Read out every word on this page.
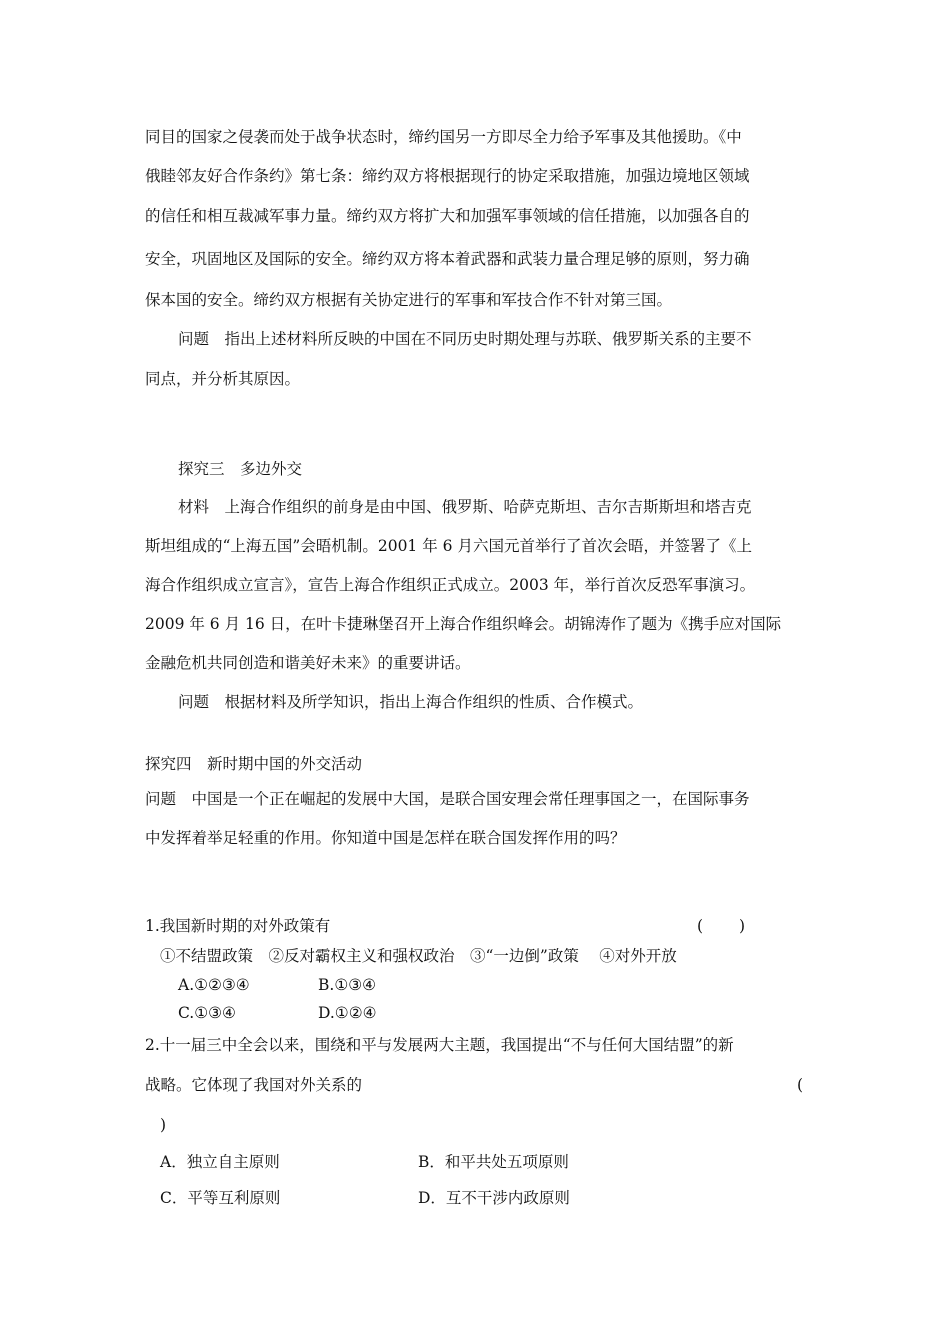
同目的国家之侵袭而处于战争状态时，缔约国另一方即尽全力给予军事及其他援助。《中
俄睦邻友好合作条约》第七条：缔约双方将根据现行的协定采取措施，加强边境地区领域
的信任和相互裁减军事力量。缔约双方将扩大和加强军事领域的信任措施，以加强各自的
安全，巩固地区及国际的安全。缔约双方将本着武器和武装力量合理足够的原则，努力确
保本国的安全。缔约双方根据有关协定进行的军事和军技合作不针对第三国。
问题　指出上述材料所反映的中国在不同历史时期处理与苏联、俄罗斯关系的主要不
同点，并分析其原因。
探究三　多边外交
材料　上海合作组织的前身是由中国、俄罗斯、哈萨克斯坦、吉尔吉斯斯坦和塔吉克
斯坦组成的“上海五国”会晤机制。2001 年 6 月六国元首举行了首次会晤，并签署了《上
海合作组织成立宣言》，宣告上海合作组织正式成立。2003 年，举行首次反恐军事演习。
2009 年 6 月 16 日，在叶卡捷琳堡召开上海合作组织峰会。胡锦涛作了题为《携手应对国际
金融危机共同创造和谐美好未来》的重要讲话。
问题　根据材料及所学知识，指出上海合作组织的性质、合作模式。
探究四　新时期中国的外交活动
问题　中国是一个正在崛起的发展中大国，是联合国安理会常任理事国之一，在国际事务
中发挥着举足轻重的作用。你知道中国是怎样在联合国发挥作用的吗？
1.我国新时期的对外政策有	(　　 )
①不结盟政策　②反对霸权主义和强权政治　③“一边倒”政策　 ④对外开放
A.①②③④	B.①③④
C.①③④	D.①②④
2.十一届三中全会以来，围绕和平与发展两大主题，我国提出“不与任何大国结盟”的新
战略。它体现了我国对外关系的	(
)
A．独立自主原则	B．和平共处五项原则
C．平等互利原则	D．互不干涉内政原则
